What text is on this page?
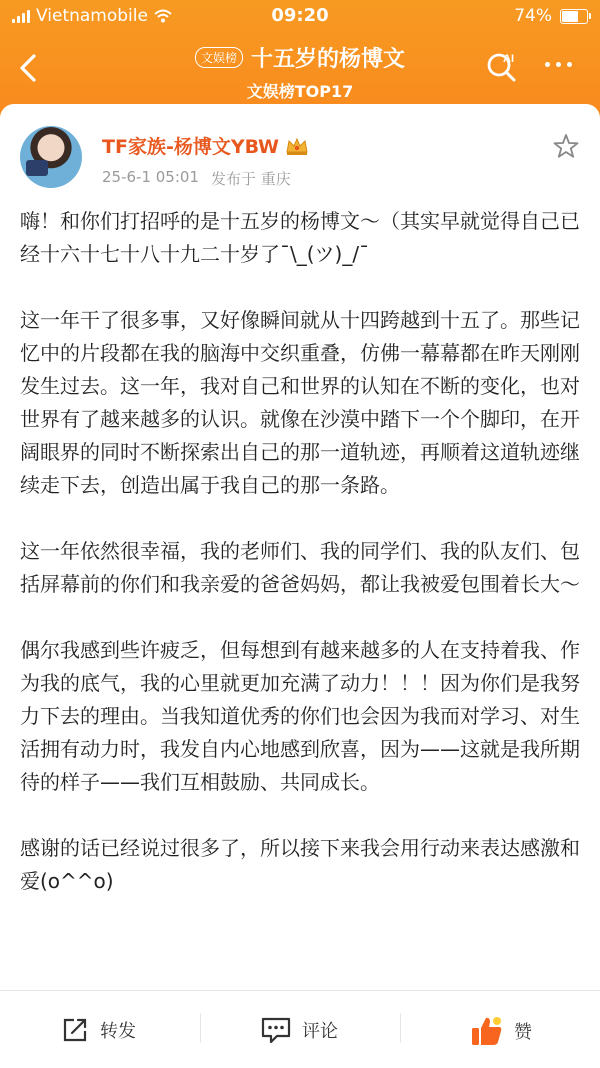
Vietnamobile	09:20	74%
文娱榜 十五岁的杨博文
文娱榜TOP17
AI
TF家族-杨博文YBW
25-6-1 05:01 发布于 重庆

嗨！和你们打招呼的是十五岁的杨博文～（其实早就觉得自己已经十六十七十八十九二十岁了¯\_(ツ)_/¯

这一年干了很多事，又好像瞬间就从十四跨越到十五了。那些记忆中的片段都在我的脑海中交织重叠，仿佛一幕幕都在昨天刚刚发生过去。这一年，我对自己和世界的认知在不断的变化，也对世界有了越来越多的认识。就像在沙漠中踏下一个个脚印，在开阔眼界的同时不断探索出自己的那一道轨迹，再顺着这道轨迹继续走下去，创造出属于我自己的那一条路。

这一年依然很幸福，我的老师们、我的同学们、我的队友们、包括屏幕前的你们和我亲爱的爸爸妈妈，都让我被爱包围着长大～

偶尔我感到些许疲乏，但每想到有越来越多的人在支持着我、作为我的底气，我的心里就更加充满了动力！！！因为你们是我努力下去的理由。当我知道优秀的你们也会因为我而对学习、对生活拥有动力时，我发自内心地感到欣喜，因为——这就是我所期待的样子——我们互相鼓励、共同成长。

感谢的话已经说过很多了，所以接下来我会用行动来表达感激和爱(o^^o)

转发	评论	赞
